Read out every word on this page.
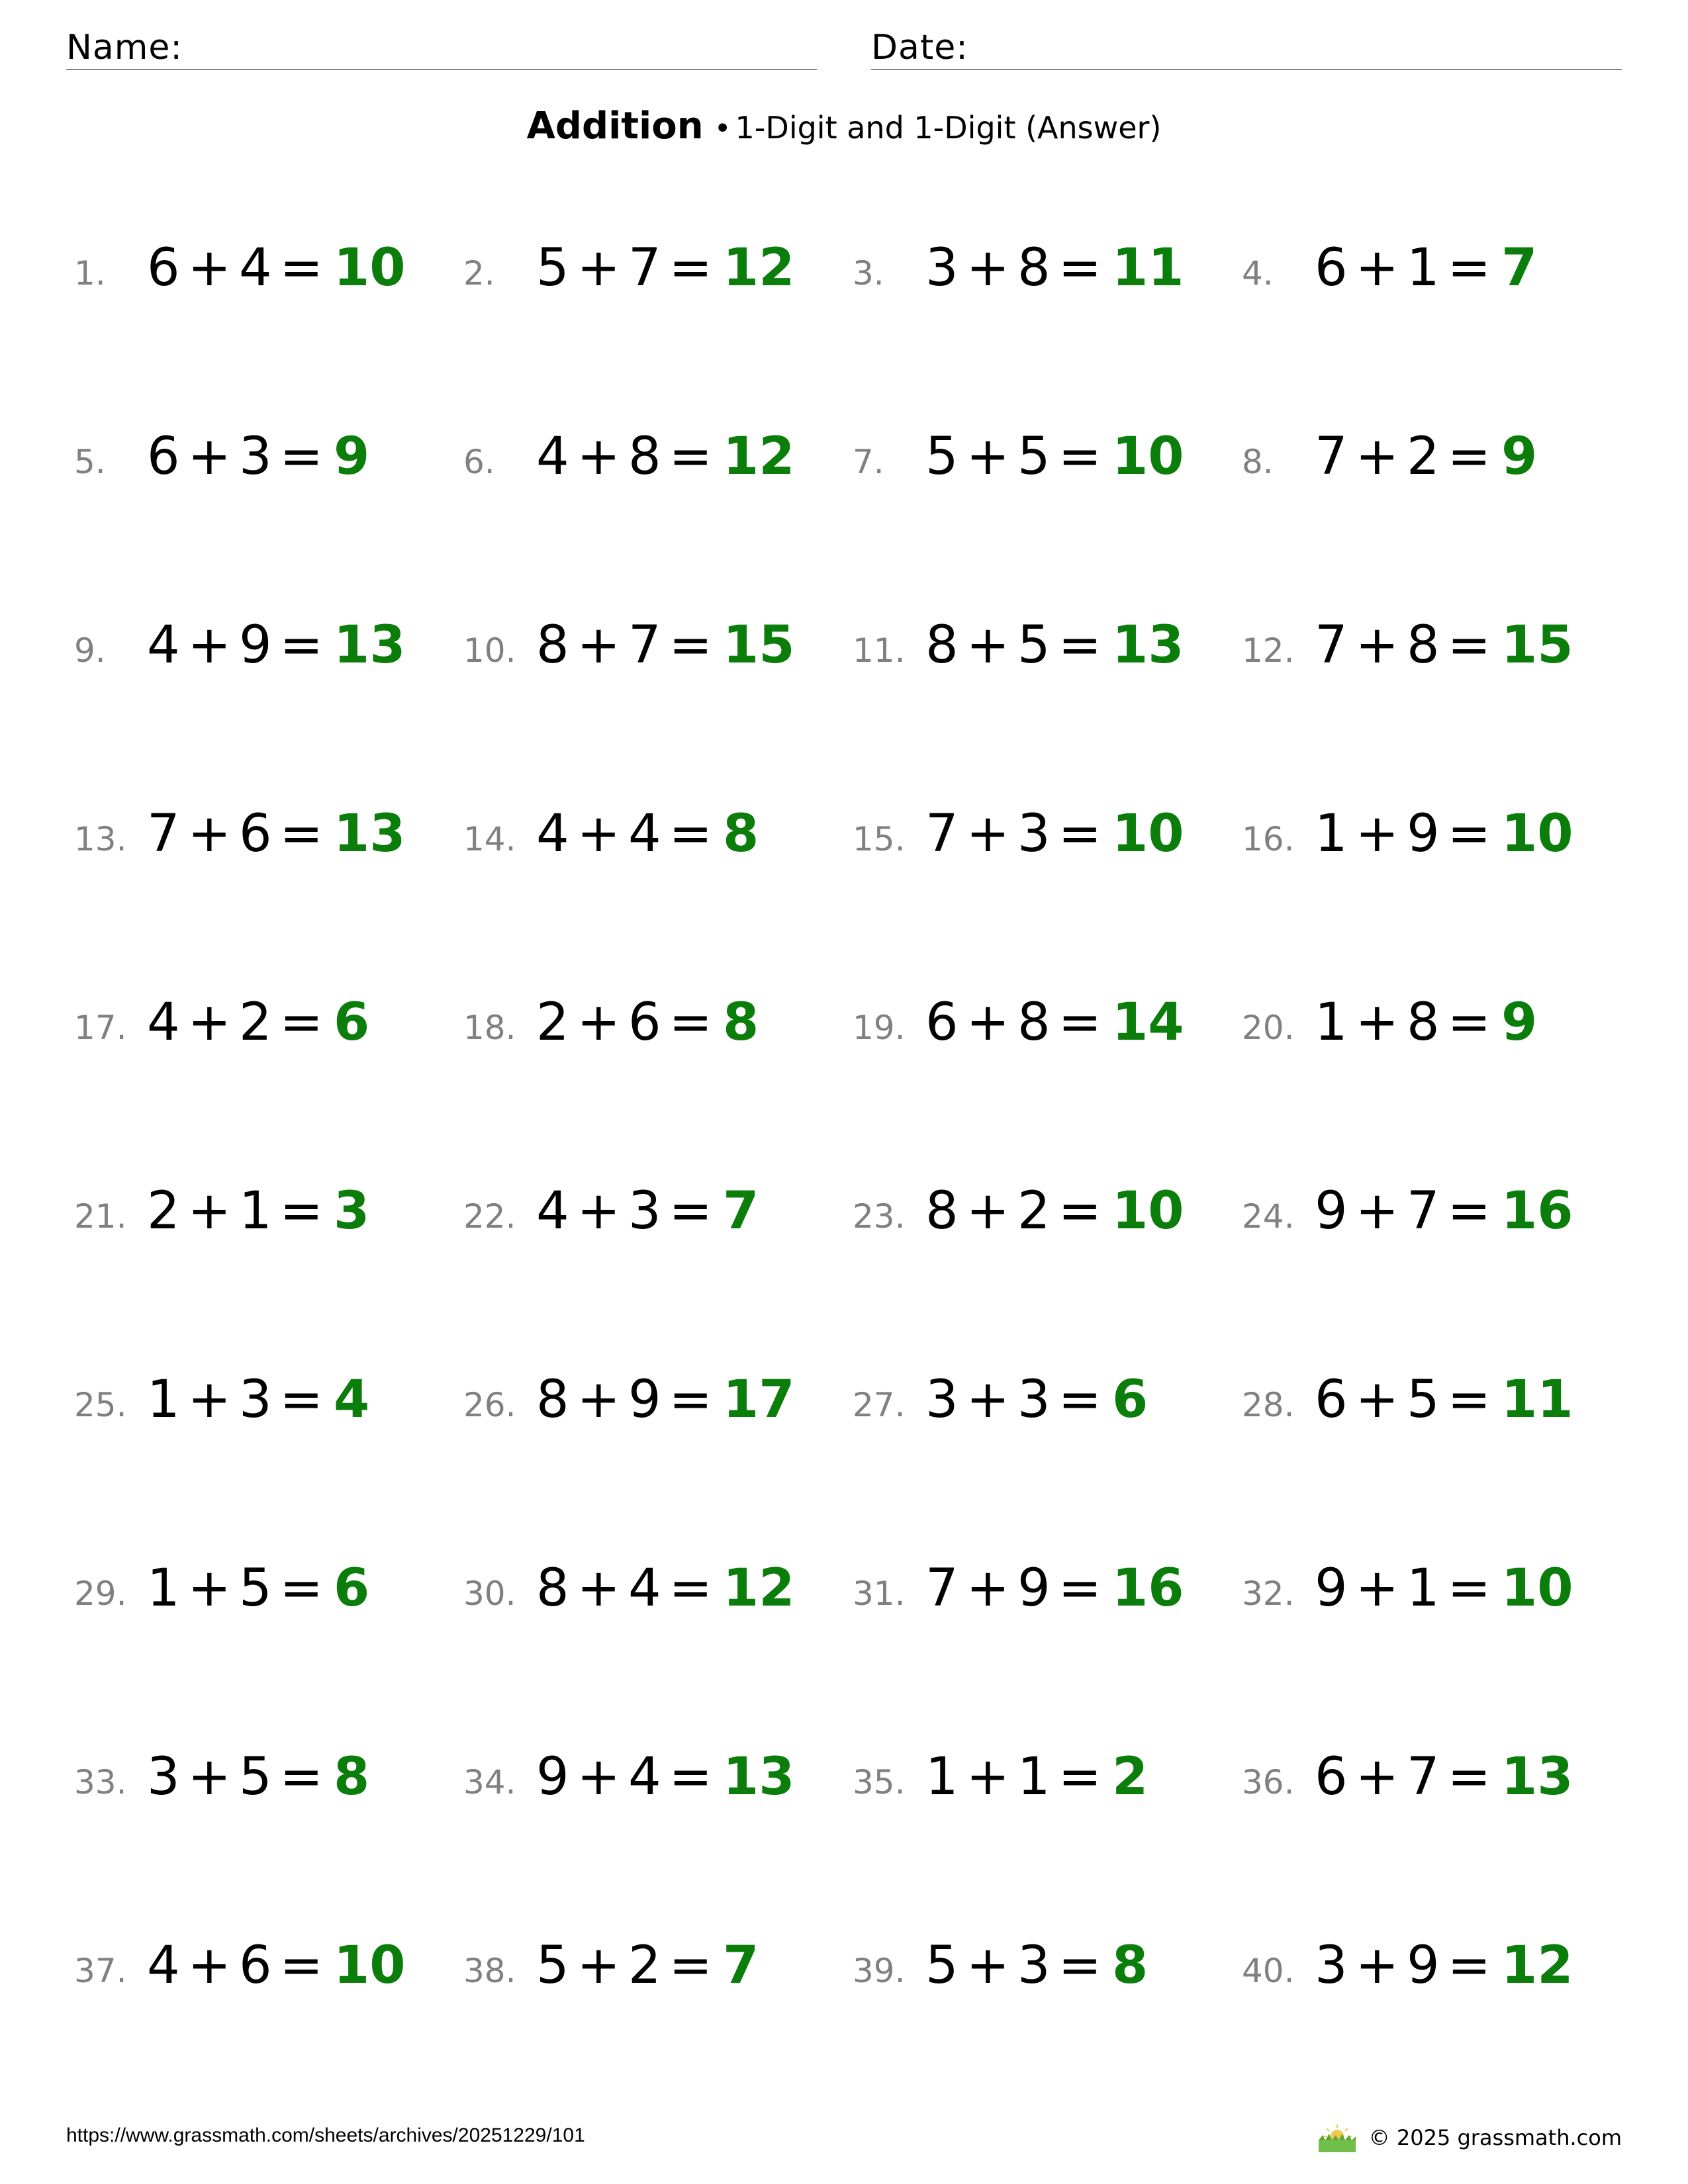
Name:	Date:
Addition • 1-Digit and 1-Digit (Answer)
1. 6 + 4 = 10 2. 5 + 7 = 12 3. 3 + 8 = 11 4. 6 + 1 = 7
5. 6 + 3 = 9	6. 4 + 8 = 12 7. 5 + 5 = 10 8. 7 + 2 = 9
9. 4 + 9 = 13 10. 8 + 7 = 15 11. 8 + 5 = 13 12. 7 + 8 = 15
13. 7 + 6 = 13 14. 4 + 4 = 8	15. 7 + 3 = 10 16. 1 + 9 = 10
17. 4 + 2 = 6	18. 2 + 6 = 8	19. 6 + 8 = 14 20. 1 + 8 = 9
21. 2 + 1 = 3	22. 4 + 3 = 7	23. 8 + 2 = 10 24. 9 + 7 = 16
25. 1 + 3 = 4	26. 8 + 9 = 17 27. 3 + 3 = 6	28. 6 + 5 = 11
29. 1 + 5 = 6	30. 8 + 4 = 12 31. 7 + 9 = 16 32. 9 + 1 = 10
33. 3 + 5 = 8	34. 9 + 4 = 13 35. 1 + 1 = 2	36. 6 + 7 = 13
37. 4 + 6 = 10 38. 5 + 2 = 7	39. 5 + 3 = 8	40. 3 + 9 = 12
https://www.grassmath.com/sheets/archives/20251229/101	© 2025 grassmath.com
